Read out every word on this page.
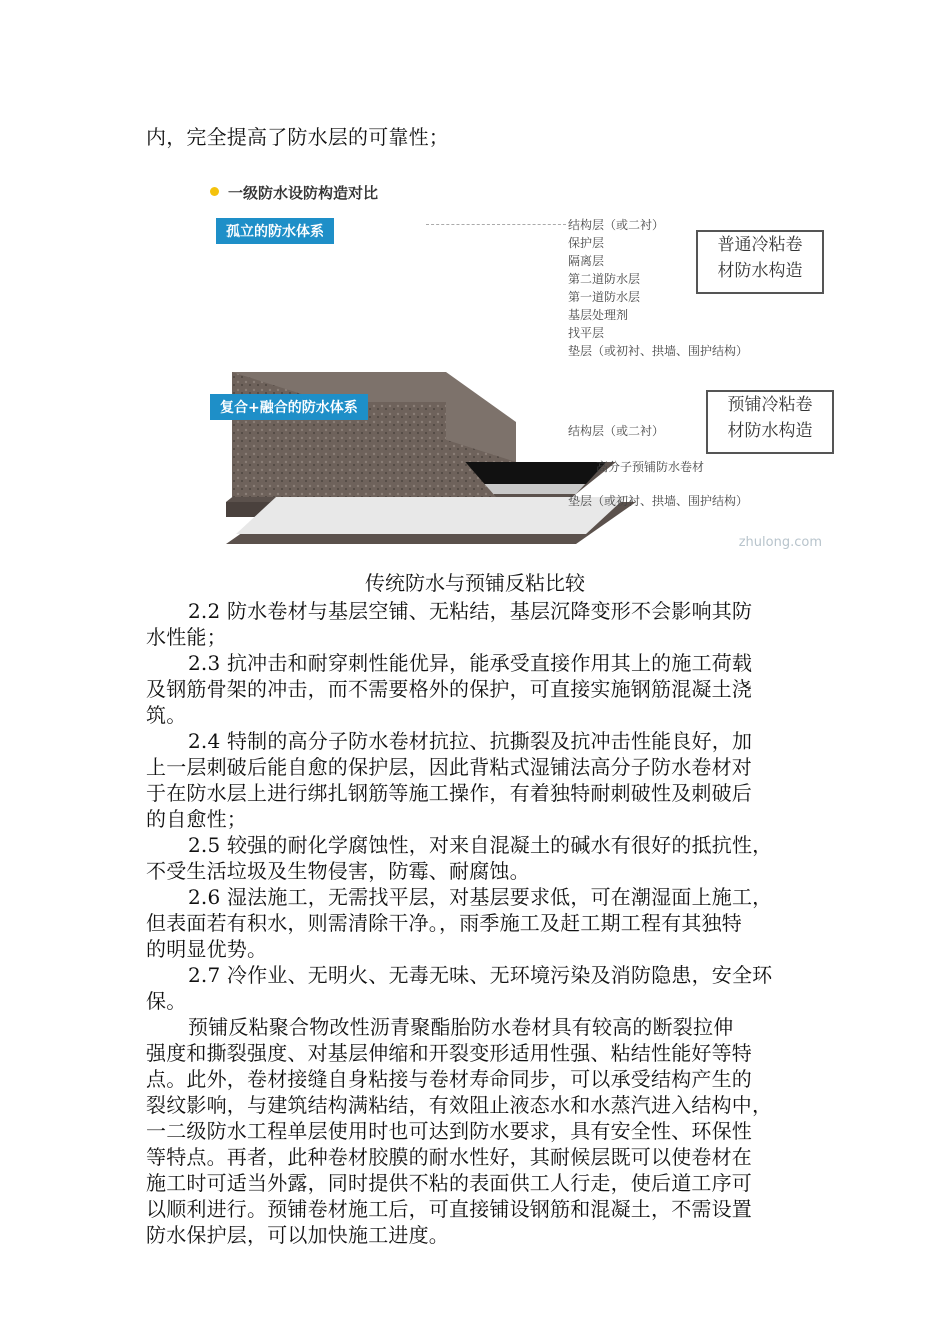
内，完全提高了防水层的可靠性；
一级防水设防构造对比
孤立的防水体系	结构层（或二衬）
保护层
隔离层
第二道防水层
第一道防水层
基层处理剂
找平层
垫层（或初衬、拱墙、围护结构）
普通冷粘卷
材防水构造
复合+融合的防水体系
结构层（或二衬）
高分子预铺防水卷材
垫层（或初衬、拱墙、围护结构）
预铺冷粘卷
材防水构造
zhulong.com
传统防水与预铺反粘比较
2.2 防水卷材与基层空铺、无粘结，基层沉降变形不会影响其防
水性能；
2.3 抗冲击和耐穿刺性能优异，能承受直接作用其上的施工荷载
及钢筋骨架的冲击，而不需要格外的保护，可直接实施钢筋混凝土浇
筑。
2.4 特制的高分子防水卷材抗拉、抗撕裂及抗冲击性能良好，加
上一层刺破后能自愈的保护层，因此背粘式湿铺法高分子防水卷材对
于在防水层上进行绑扎钢筋等施工操作，有着独特耐刺破性及刺破后
的自愈性；
2.5 较强的耐化学腐蚀性，对来自混凝土的碱水有很好的抵抗性，
不受生活垃圾及生物侵害，防霉、耐腐蚀。
2.6 湿法施工，无需找平层，对基层要求低，可在潮湿面上施工，
但表面若有积水，则需清除干净。，雨季施工及赶工期工程有其独特
的明显优势。
2.7 冷作业、无明火、无毒无味、无环境污染及消防隐患，安全环
保。
预铺反粘聚合物改性沥青聚酯胎防水卷材具有较高的断裂拉伸
强度和撕裂强度、对基层伸缩和开裂变形适用性强、粘结性能好等特
点。此外，卷材接缝自身粘接与卷材寿命同步，可以承受结构产生的
裂纹影响，与建筑结构满粘结，有效阻止液态水和水蒸汽进入结构中，
一二级防水工程单层使用时也可达到防水要求，具有安全性、环保性
等特点。再者，此种卷材胶膜的耐水性好，其耐候层既可以使卷材在
施工时可适当外露，同时提供不粘的表面供工人行走，使后道工序可
以顺利进行。预铺卷材施工后，可直接铺设钢筋和混凝土，不需设置
防水保护层，可以加快施工进度。
